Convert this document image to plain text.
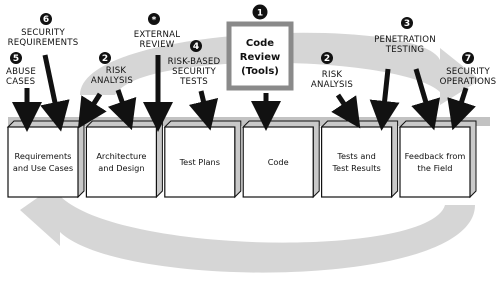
Requirements
and Use Cases
Architecture
and Design
Test Plans	Code
Tests and
Test Results
Feedback from
the Field
Code
Review
(Tools)
1
2	2
3
4
5
6
7
*
SECURITY
REQUIREMENTS
ABUSE
CASES
RISK
ANALYSIS
EXTERNAL
REVIEW
RISK-BASED
SECURITY
TESTS
RISK
ANALYSIS
PENETRATION
TESTING
SECURITY
OPERATIONS
